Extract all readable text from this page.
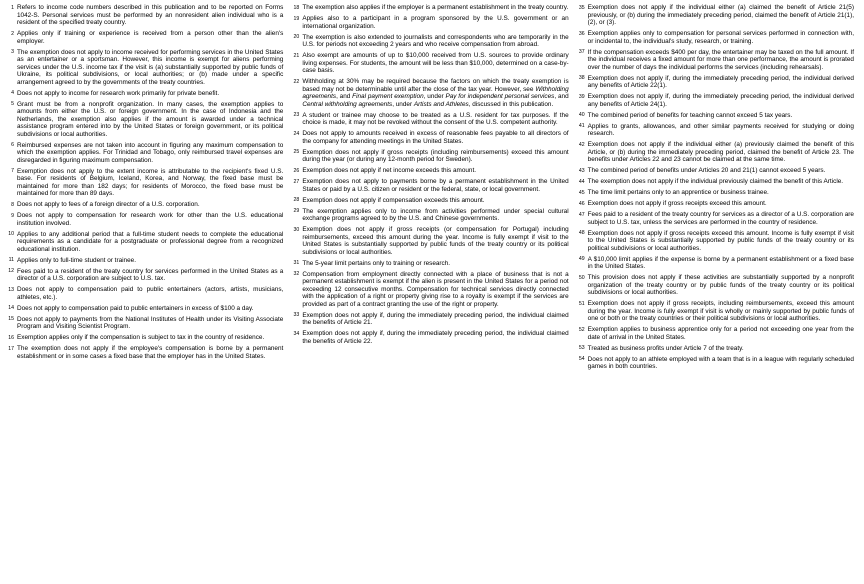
1 Refers to income code numbers described in this publication and to be reported on Forms 1042-S. Personal services must be performed by an nonresident alien individual who is a resident of the specified treaty country.
2 Applies only if training or experience is received from a person other than the alien's employer.
3 The exemption does not apply to income received for performing services in the United States as an entertainer or a sportsman. However, this income is exempt for aliens performing services under the U.S. income tax if the visit is (a) substantially supported by public funds of Ukraine, its political subdivisions, or local authorities; or (b) made under a specific arrangement agreed to by the governments of the treaty countries.
4 Does not apply to income for research work primarily for private benefit.
5 Grant must be from a nonprofit organization. In many cases, the exemption applies to amounts from either the U.S. or foreign government. In the case of Indonesia and the Netherlands, the exemption also applies if the amount is awarded under a technical assistance program entered into by the United States or foreign government, or its political subdivisions or local authorities.
6 Reimbursed expenses are not taken into account in figuring any maximum compensation to which the exemption applies. For Trinidad and Tobago, only reimbursed travel expenses are disregarded in figuring maximum compensation.
7 Exemption does not apply to the extent income is attributable to the recipient's fixed U.S. base. For residents of Belgium, Iceland, Korea, and Norway, the fixed base must be maintained for more than 182 days; for residents of Morocco, the fixed base must be maintained for more than 89 days.
8 Does not apply to fees of a foreign director of a U.S. corporation.
9 Does not apply to compensation for research work for other than the U.S. educational institution involved.
10 Applies to any additional period that a full-time student needs to complete the educational requirements as a candidate for a postgraduate or professional degree from a recognized educational institution.
11 Applies only to full-time student or trainee.
12 Fees paid to a resident of the treaty country for services performed in the United States as a director of a U.S. corporation are subject to U.S. tax.
13 Does not apply to compensation paid to public entertainers (actors, artists, musicians, athletes, etc.).
14 Does not apply to compensation paid to public entertainers in excess of $100 a day.
15 Does not apply to payments from the National Institutes of Health under its Visiting Associate Program and Visiting Scientist Program.
16 Exemption applies only if the compensation is subject to tax in the country of residence.
17 The exemption does not apply if the employee's compensation is borne by a permanent establishment or in some cases a fixed base that the employer has in the United States.
18 The exemption also applies if the employer is a permanent establishment in the treaty country.
19 Applies also to a participant in a program sponsored by the U.S. government or an international organization.
20 The exemption is also extended to journalists and correspondents who are temporarily in the U.S. for periods not exceeding 2 years and who receive compensation from abroad.
21 Also exempt are amounts of up to $10,000 received from U.S. sources to provide ordinary living expenses. For students, the amount will be less than $10,000, determined on a case-by-case basis.
22 Withholding at 30% may be required because the factors on which the treaty exemption is based may not be determinable until after the close of the tax year. However, see Withholding agreements, and Final payment exemption, under Pay for independent personal services, and Central withholding agreements, under Artists and Athletes, discussed in this publication.
23 A student or trainee may choose to be treated as a U.S. resident for tax purposes. If the choice is made, it may not be revoked without the consent of the U.S. competent authority.
24 Does not apply to amounts received in excess of reasonable fees payable to all directors of the company for attending meetings in the United States.
25 Exemption does not apply if gross receipts (including reimbursements) exceed this amount during the year (or during any 12-month period for Sweden).
26 Exemption does not apply if net income exceeds this amount.
27 Exemption does not apply to payments borne by a permanent establishment in the United States or paid by a U.S. citizen or resident or the federal, state, or local government.
28 Exemption does not apply if compensation exceeds this amount.
29 The exemption applies only to income from activities performed under special cultural exchange programs agreed to by the U.S. and Chinese governments.
30 Exemption does not apply if gross receipts (or compensation for Portugal) including reimbursements, exceed this amount during the year. Income is fully exempt if visit to the United States is substantially supported by public funds of the treaty country or its political subdivisions or local authorities.
31 The 5-year limit pertains only to training or research.
32 Compensation from employment directly connected with a place of business that is not a permanent establishment is exempt if the alien is present in the United States for a period not exceeding 12 consecutive months. Compensation for technical services directly connected with the application of a right or property giving rise to a royalty is exempt if the services are provided as part of a contract granting the use of the right or property.
33 Exemption does not apply if, during the immediately preceding period, the individual claimed the benefits of Article 21.
34 Exemption does not apply if, during the immediately preceding period, the individual claimed the benefits of Article 22.
35 Exemption does not apply if the individual either (a) claimed the benefit of Article 21(5) previously, or (b) during the immediately preceding period, claimed the benefit of Article 21(1), (2), or (3).
36 Exemption applies only to compensation for personal services performed in connection with, or incidental to, the individual's study, research, or training.
37 If the compensation exceeds $400 per day, the entertainer may be taxed on the full amount. If the individual receives a fixed amount for more than one performance, the amount is prorated over the number of days the individual performs the services (including rehearsals).
38 Exemption does not apply if, during the immediately preceding period, the individual derived any benefits of Article 22(1).
39 Exemption does not apply if, during the immediately preceding period, the individual derived any benefits of Article 24(1).
40 The combined period of benefits for teaching cannot exceed 5 tax years.
41 Applies to grants, allowances, and other similar payments received for studying or doing research.
42 Exemption does not apply if the individual either (a) previously claimed the benefit of this Article, or (b) during the immediately preceding period, claimed the benefit of Article 23. The benefits under Articles 22 and 23 cannot be claimed at the same time.
43 The combined period of benefits under Articles 20 and 21(1) cannot exceed 5 years.
44 The exemption does not apply if the individual previously claimed the benefit of this Article.
45 The time limit pertains only to an apprentice or business trainee.
46 Exemption does not apply if gross receipts exceed this amount.
47 Fees paid to a resident of the treaty country for services as a director of a U.S. corporation are subject to U.S. tax, unless the services are performed in the country of residence.
48 Exemption does not apply if gross receipts exceed this amount. Income is fully exempt if visit to the United States is substantially supported by public funds of the treaty country or its political subdivisions or local authorities.
49 A $10,000 limit applies if the expense is borne by a permanent establishment or a fixed base in the United States.
50 This provision does not apply if these activities are substantially supported by a nonprofit organization of the treaty country or by public funds of the treaty country or its political subdivisions or local authorities.
51 Exemption does not apply if gross receipts, including reimbursements, exceed this amount during the year. Income is fully exempt if visit is wholly or mainly supported by public funds of one or both or the treaty countries or their political subdivisions or local authorities.
52 Exemption applies to business apprentice only for a period not exceeding one year from the date of arrival in the United States.
53 Treated as business profits under Article 7 of the treaty.
54 Does not apply to an athlete employed with a team that is in a league with regularly scheduled games in both countries.
